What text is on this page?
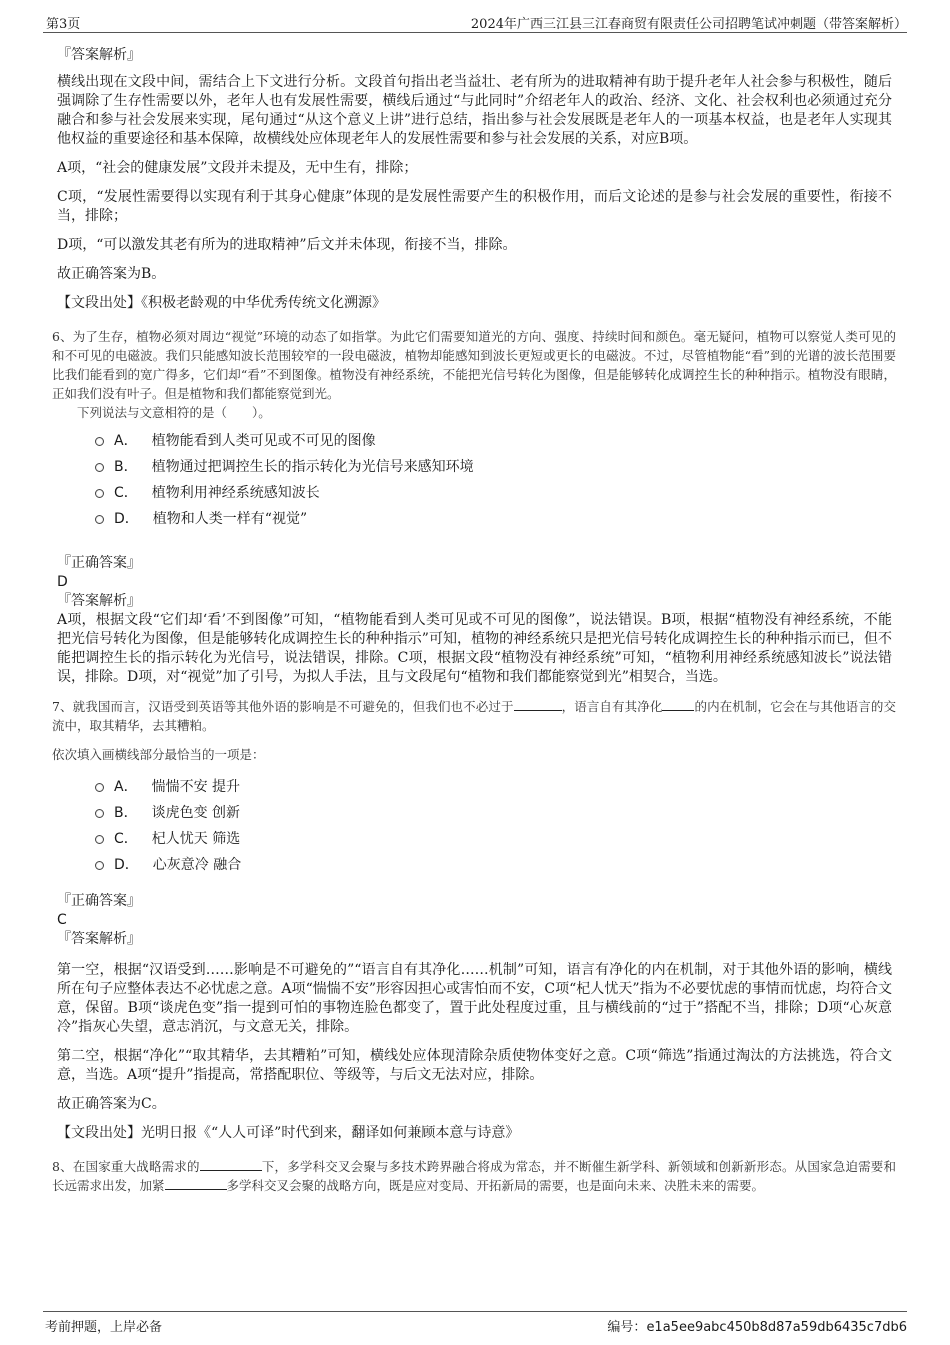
第3页	2024年广西三江县三江春商贸有限责任公司招聘笔试冲刺题（带答案解析）
『答案解析』

横线出现在文段中间，需结合上下文进行分析。文段首句指出老当益壮、老有所为的进取精神有助于提升老年人社会参与积极性，随后强调除了生存性需要以外，老年人也有发展性需要，横线后通过“与此同时”介绍老年人的政治、经济、文化、社会权利也必须通过充分融合和参与社会发展来实现，尾句通过“从这个意义上讲”进行总结，指出参与社会发展既是老年人的一项基本权益，也是老年人实现其他权益的重要途径和基本保障，故横线处应体现老年人的发展性需要和参与社会发展的关系，对应B项。

A项，“社会的健康发展”文段并未提及，无中生有，排除；

C项，“发展性需要得以实现有利于其身心健康”体现的是发展性需要产生的积极作用，而后文论述的是参与社会发展的重要性，衔接不当，排除；

D项，“可以激发其老有所为的进取精神”后文并未体现，衔接不当，排除。

故正确答案为B。

【文段出处】《积极老龄观的中华优秀传统文化溯源》

6、为了生存，植物必须对周边“视觉”环境的动态了如指掌。为此它们需要知道光的方向、强度、持续时间和颜色。毫无疑问，植物可以察觉人类可见的和不可见的电磁波。我们只能感知波长范围较窄的一段电磁波，植物却能感知到波长更短或更长的电磁波。不过，尽管植物能“看”到的光谱的波长范围要比我们能看到的宽广得多，它们却“看”不到图像。植物没有神经系统，不能把光信号转化为图像，但是能够转化成调控生长的种种指示。植物没有眼睛，正如我们没有叶子。但是植物和我们都能察觉到光。
下列说法与文意相符的是（　　）。
A． 植物能看到人类可见或不可见的图像
B． 植物通过把调控生长的指示转化为光信号来感知环境
C． 植物利用神经系统感知波长
D． 植物和人类一样有“视觉”
『正确答案』
D
『答案解析』

A项，根据文段“它们却‘看’不到图像”可知，“植物能看到人类可见或不可见的图像”，说法错误。B项，根据“植物没有神经系统，不能把光信号转化为图像，但是能够转化成调控生长的种种指示”可知，植物的神经系统只是把光信号转化成调控生长的种种指示而已，但不能把调控生长的指示转化为光信号，说法错误，排除。C项，根据文段“植物没有神经系统”可知，“植物利用神经系统感知波长”说法错误，排除。D项，对“视觉”加了引号，为拟人手法，且与文段尾句“植物和我们都能察觉到光”相契合，当选。

7、就我国而言，汉语受到英语等其他外语的影响是不可避免的，但我们也不必过于	，语言自有其净化	的内在机制，它会在与其他语言的交流中，取其精华，去其糟粕。
依次填入画横线部分最恰当的一项是：
A． 惴惴不安 提升
B． 谈虎色变 创新
C． 杞人忧天 筛选
D． 心灰意冷 融合
『正确答案』
C
『答案解析』

第一空，根据“汉语受到……影响是不可避免的”“语言自有其净化……机制”可知，语言有净化的内在机制，对于其他外语的影响，横线所在句子应整体表达不必忧虑之意。A项“惴惴不安”形容因担心或害怕而不安，C项“杞人忧天”指为不必要忧虑的事情而忧虑，均符合文意，保留。B项“谈虎色变”指一提到可怕的事物连脸色都变了，置于此处程度过重，且与横线前的“过于”搭配不当，排除；D项“心灰意冷”指灰心失望，意志消沉，与文意无关，排除。

第二空，根据“净化”“取其精华，去其糟粕”可知，横线处应体现清除杂质使物体变好之意。C项“筛选”指通过淘汰的方法挑选，符合文意，当选。A项“提升”指提高，常搭配职位、等级等，与后文无法对应，排除。

故正确答案为C。

【文段出处】光明日报《“人人可译”时代到来，翻译如何兼顾本意与诗意》

8、在国家重大战略需求的	下，多学科交叉会聚与多技术跨界融合将成为常态，并不断催生新学科、新领域和创新新形态。从国家急迫需要和长远需求出发，加紧	多学科交叉会聚的战略方向，既是应对变局、开拓新局的需要，也是面向未来、决胜未来的需要。
考前押题，上岸必备	编号：e1a5ee9abc450b8d87a59db6435c7db6
